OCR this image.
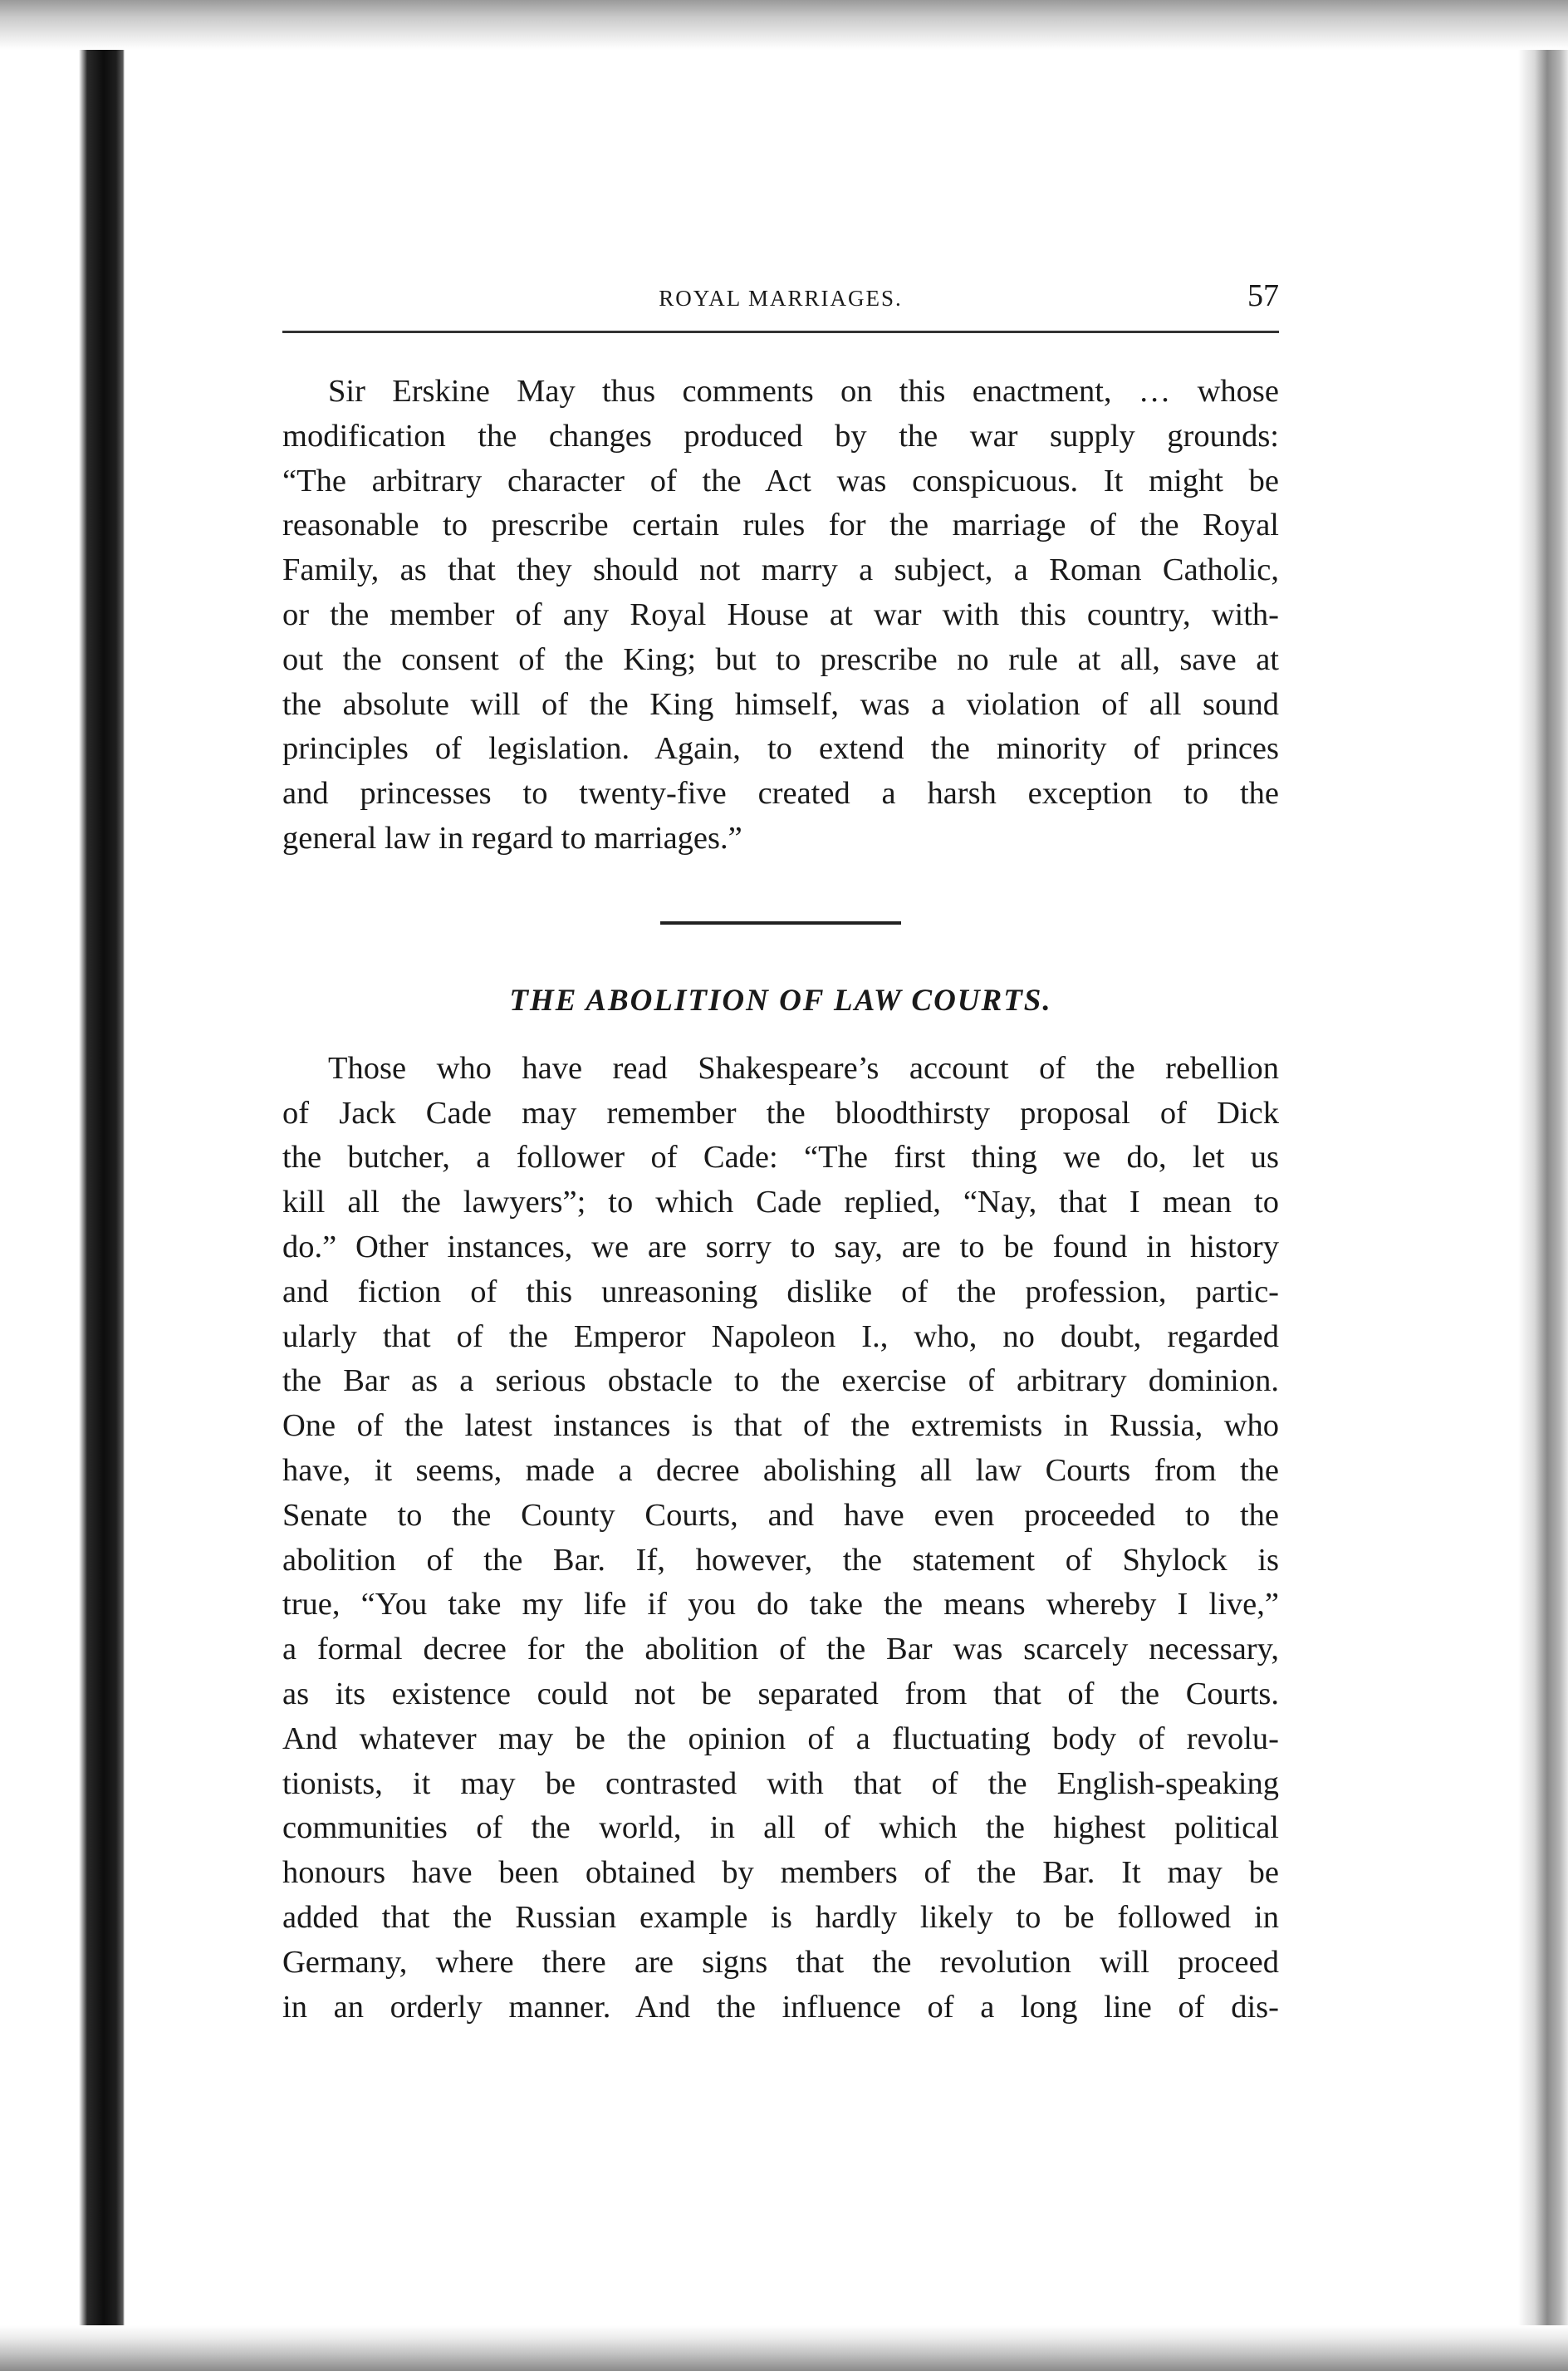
ROYAL MARRIAGES.	57

Sir Erskine May thus comments on this enactment, … whose
modification the changes produced by the war supply grounds:
“The arbitrary character of the Act was conspicuous. It might be
reasonable to prescribe certain rules for the marriage of the Royal
Family, as that they should not marry a subject, a Roman Catholic,
or the member of any Royal House at war with this country, with-
out the consent of the King; but to prescribe no rule at all, save at
the absolute will of the King himself, was a violation of all sound
principles of legislation. Again, to extend the minority of princes
and princesses to twenty-five created a harsh exception to the
general law in regard to marriages.”

THE ABOLITION OF LAW COURTS.

Those who have read Shakespeare’s account of the rebellion
of Jack Cade may remember the bloodthirsty proposal of Dick
the butcher, a follower of Cade: “The first thing we do, let us
kill all the lawyers”; to which Cade replied, “Nay, that I mean to
do.” Other instances, we are sorry to say, are to be found in history
and fiction of this unreasoning dislike of the profession, partic-
ularly that of the Emperor Napoleon I., who, no doubt, regarded
the Bar as a serious obstacle to the exercise of arbitrary dominion.
One of the latest instances is that of the extremists in Russia, who
have, it seems, made a decree abolishing all law Courts from the
Senate to the County Courts, and have even proceeded to the
abolition of the Bar. If, however, the statement of Shylock is
true, “You take my life if you do take the means whereby I live,”
a formal decree for the abolition of the Bar was scarcely necessary,
as its existence could not be separated from that of the Courts.
And whatever may be the opinion of a fluctuating body of revolu-
tionists, it may be contrasted with that of the English-speaking
communities of the world, in all of which the highest political
honours have been obtained by members of the Bar. It may be
added that the Russian example is hardly likely to be followed in
Germany, where there are signs that the revolution will proceed
in an orderly manner. And the influence of a long line of dis-
